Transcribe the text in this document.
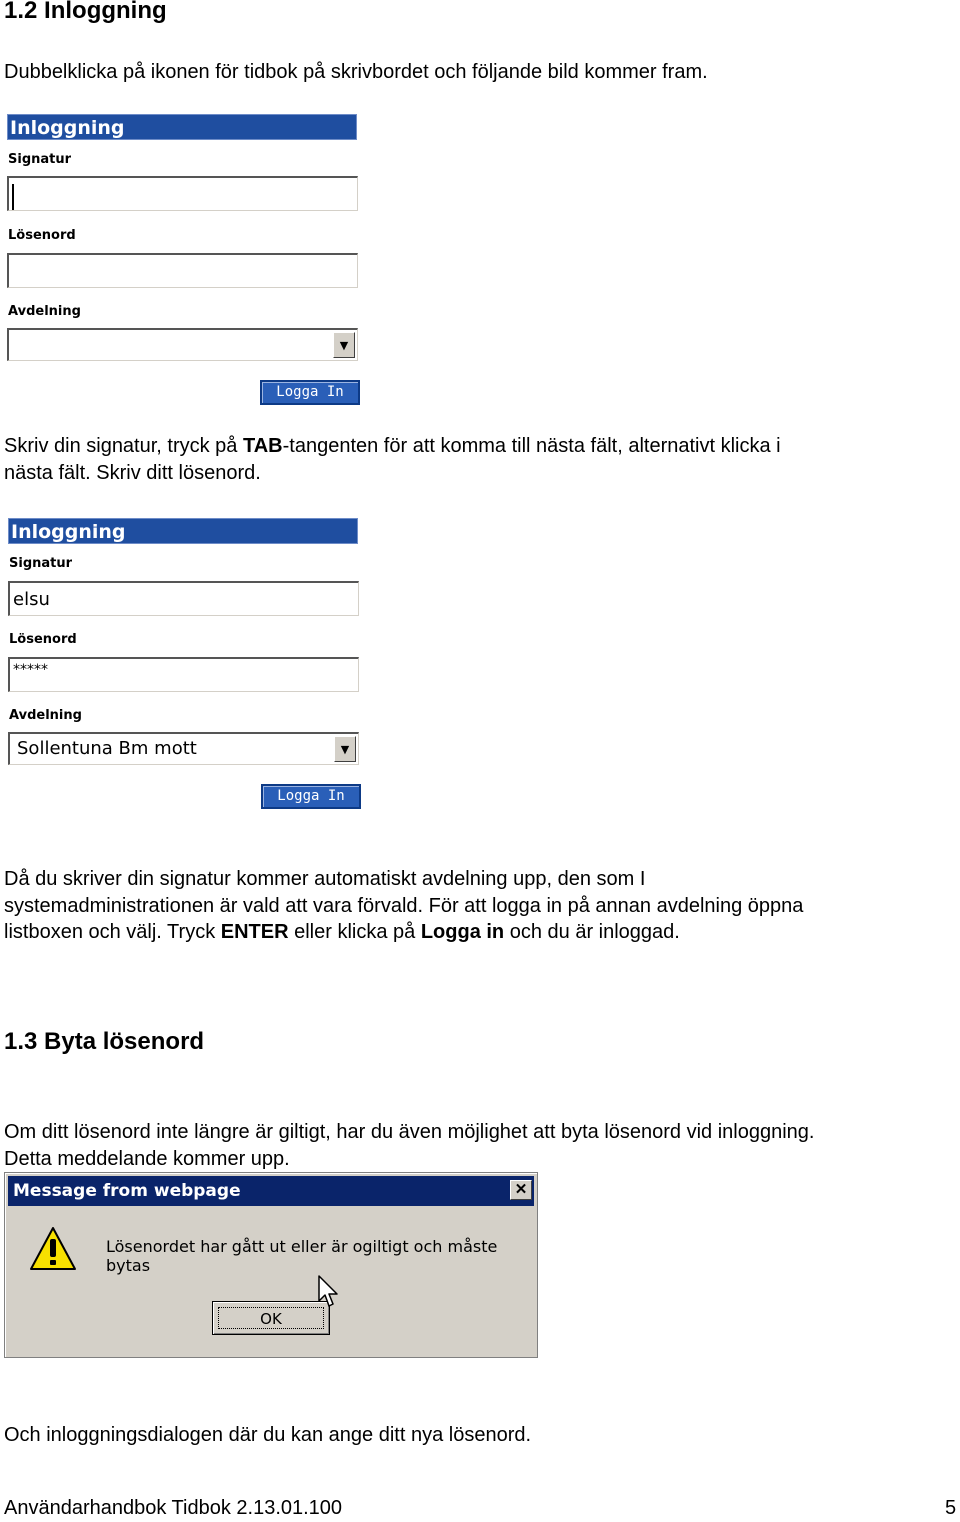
1.2 Inloggning
Dubbelklicka på ikonen för tidbok på skrivbordet och följande bild kommer fram.
Inloggning
Signatur
Lösenord
Avdelning
▼
Logga In
Skriv din signatur, tryck på TAB-tangenten för att komma till nästa fält, alternativt klicka i
nästa fält. Skriv ditt lösenord.
Inloggning
Signatur
elsu
Lösenord
*****
Avdelning
Sollentuna Bm mott	▼
Logga In
Då du skriver din signatur kommer automatiskt avdelning upp, den som I
systemadministrationen är vald att vara förvald. För att logga in på annan avdelning öppna
listboxen och välj. Tryck ENTER eller klicka på Logga in och du är inloggad.
1.3 Byta lösenord
Om ditt lösenord inte längre är giltigt, har du även möjlighet att byta lösenord vid inloggning.
Detta meddelande kommer upp.
Message from webpage	✕
Lösenordet har gått ut eller är ogiltigt och måste bytas
OK
Och inloggningsdialogen där du kan ange ditt nya lösenord.
Användarhandbok Tidbok 2.13.01.100	5
